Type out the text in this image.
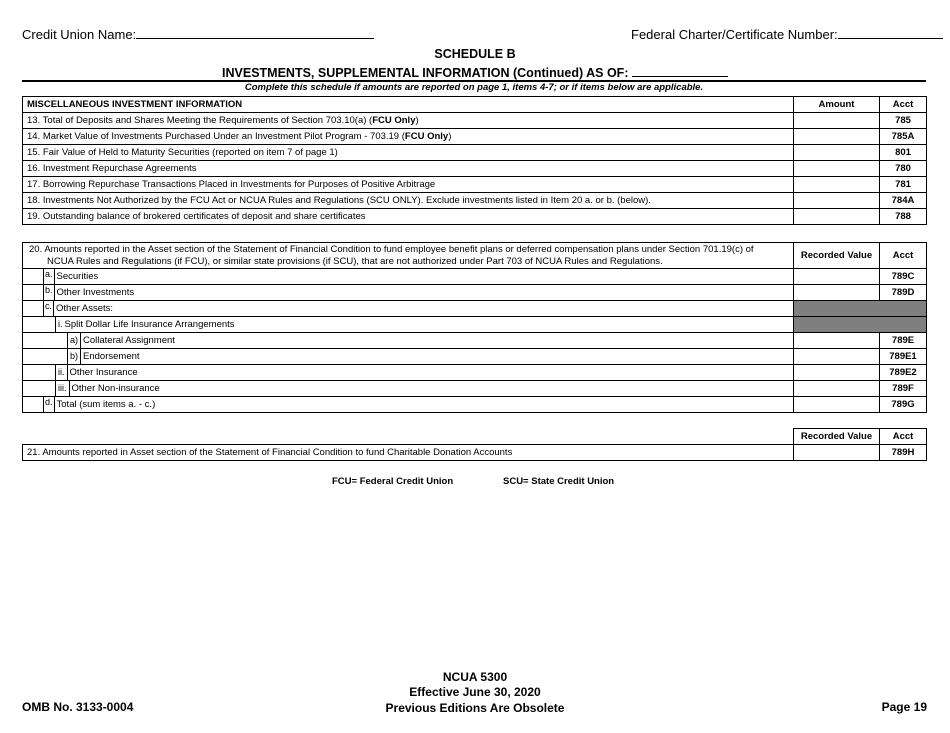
Credit Union Name:	Federal Charter/Certificate Number:
SCHEDULE B
INVESTMENTS, SUPPLEMENTAL INFORMATION (Continued) AS OF:
Complete this schedule if amounts are reported on page 1, items 4-7; or if items below are applicable.
MISCELLANEOUS INVESTMENT INFORMATION	Amount	Acct
13. Total of Deposits and Shares Meeting the Requirements of Section 703.10(a) (FCU Only)		785
14. Market Value of Investments Purchased Under an Investment Pilot Program - 703.19 (FCU Only)		785A
15. Fair Value of Held to Maturity Securities (reported on item 7 of page 1)		801
16. Investment Repurchase Agreements		780
17. Borrowing Repurchase Transactions Placed in Investments for Purposes of Positive Arbitrage		781
18. Investments Not Authorized by the FCU Act or NCUA Rules and Regulations (SCU ONLY). Exclude investments listed in Item 20 a. or b. (below).		784A
19. Outstanding balance of brokered certificates of deposit and share certificates		788
20. Amounts reported in the Asset section of the Statement of Financial Condition to fund employee benefit plans or deferred compensation plans under Section 701.19(c) of
NCUA Rules and Regulations (if FCU), or similar state provisions (if SCU), that are not authorized under Part 703 of NCUA Rules and Regulations.	Recorded Value	Acct

a. Securities		789C

b. Other Investments		789D

c. Other Assets:		

i. Split Dollar Life Insurance Arrangements		

a) Collateral Assignment		789E

b) Endorsement		789E1

ii. Other Insurance		789E2

iii. Other Non-insurance		789F

d. Total (sum items a. - c.)		789G
	Recorded Value	Acct
21. Amounts reported in Asset section of the Statement of Financial Condition to fund Charitable Donation Accounts		789H
FCU= Federal Credit Union	SCU= State Credit Union
NCUA 5300
Effective June 30, 2020
Previous Editions Are Obsolete
OMB No. 3133-0004	Page 19
